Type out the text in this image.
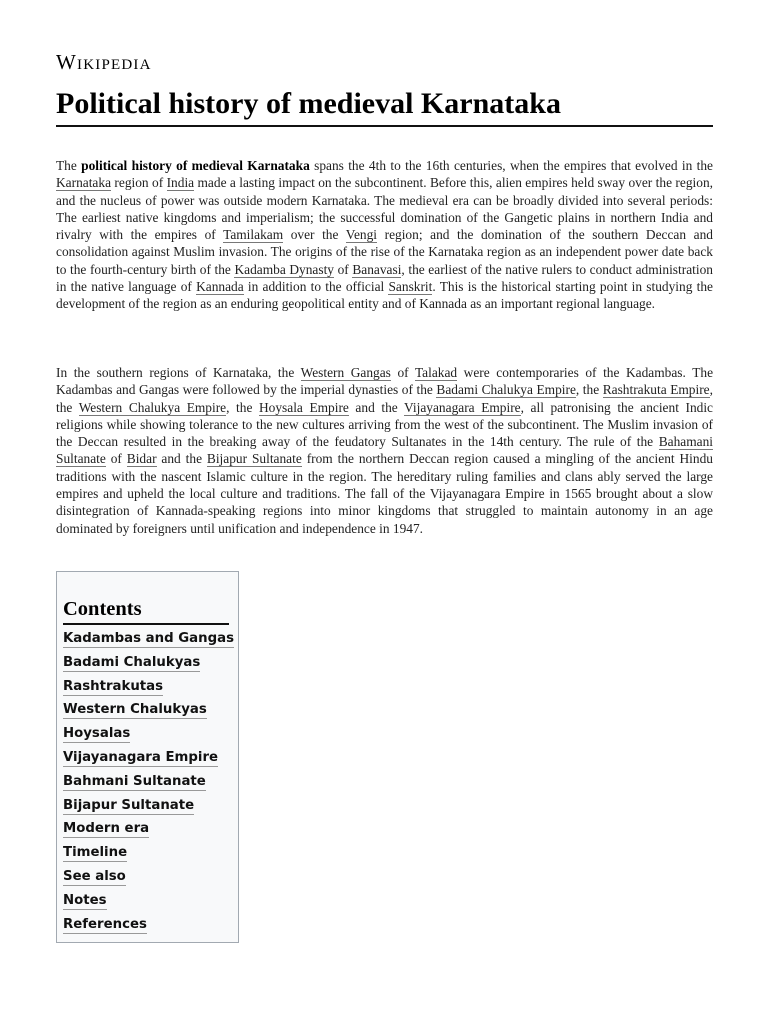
Wikipedia
Political history of medieval Karnataka

The political history of medieval Karnataka spans the 4th to the 16th centuries, when the empires that evolved in the Karnataka region of India made a lasting impact on the subcontinent. Before this, alien empires held sway over the region, and the nucleus of power was outside modern Karnataka. The medieval era can be broadly divided into several periods: The earliest native kingdoms and imperialism; the successful domination of the Gangetic plains in northern India and rivalry with the empires of Tamilakam over the Vengi region; and the domination of the southern Deccan and consolidation against Muslim invasion. The origins of the rise of the Karnataka region as an independent power date back to the fourth-century birth of the Kadamba Dynasty of Banavasi, the earliest of the native rulers to conduct administration in the native language of Kannada in addition to the official Sanskrit. This is the historical starting point in studying the development of the region as an enduring geopolitical entity and of Kannada as an important regional language.

In the southern regions of Karnataka, the Western Gangas of Talakad were contemporaries of the Kadambas. The Kadambas and Gangas were followed by the imperial dynasties of the Badami Chalukya Empire, the Rashtrakuta Empire, the Western Chalukya Empire, the Hoysala Empire and the Vijayanagara Empire, all patronising the ancient Indic religions while showing tolerance to the new cultures arriving from the west of the subcontinent. The Muslim invasion of the Deccan resulted in the breaking away of the feudatory Sultanates in the 14th century. The rule of the Bahamani Sultanate of Bidar and the Bijapur Sultanate from the northern Deccan region caused a mingling of the ancient Hindu traditions with the nascent Islamic culture in the region. The hereditary ruling families and clans ably served the large empires and upheld the local culture and traditions. The fall of the Vijayanagara Empire in 1565 brought about a slow disintegration of Kannada-speaking regions into minor kingdoms that struggled to maintain autonomy in an age dominated by foreigners until unification and independence in 1947.

Contents
Kadambas and Gangas
Badami Chalukyas
Rashtrakutas
Western Chalukyas
Hoysalas
Vijayanagara Empire
Bahmani Sultanate
Bijapur Sultanate
Modern era
Timeline
See also
Notes
References
